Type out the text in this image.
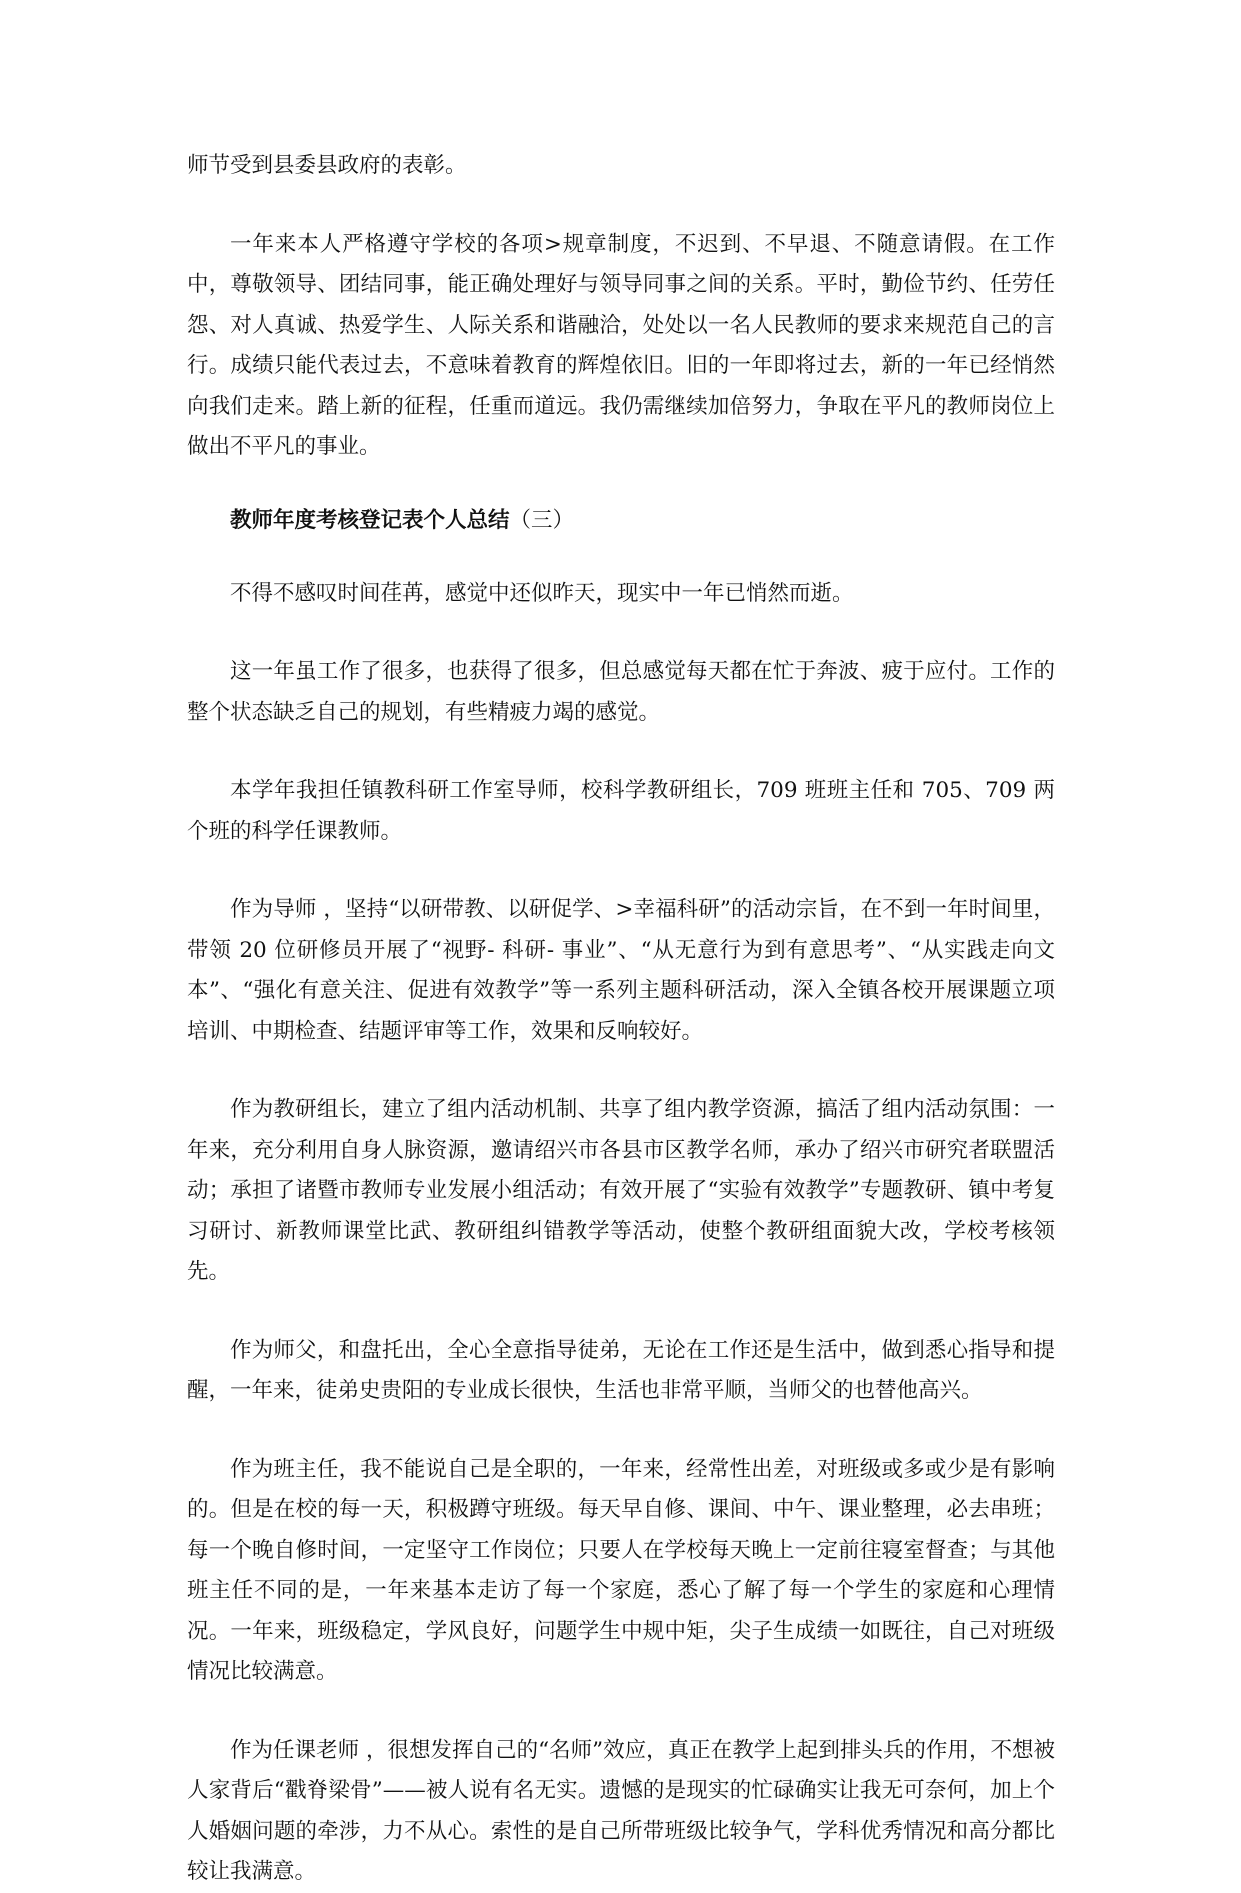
师节受到县委县政府的表彰。

一年来本人严格遵守学校的各项>规章制度，不迟到、不早退、不随意请假。在工作中，尊敬领导、团结同事，能正确处理好与领导同事之间的关系。平时，勤俭节约、任劳任怨、对人真诚、热爱学生、人际关系和谐融洽，处处以一名人民教师的要求来规范自己的言行。成绩只能代表过去，不意味着教育的辉煌依旧。旧的一年即将过去，新的一年已经悄然向我们走来。踏上新的征程，任重而道远。我仍需继续加倍努力，争取在平凡的教师岗位上做出不平凡的事业。

教师年度考核登记表个人总结（三）

不得不感叹时间荏苒，感觉中还似昨天，现实中一年已悄然而逝。

这一年虽工作了很多，也获得了很多，但总感觉每天都在忙于奔波、疲于应付。工作的整个状态缺乏自己的规划，有些精疲力竭的感觉。

本学年我担任镇教科研工作室导师，校科学教研组长，709 班班主任和 705、709 两个班的科学任课教师。

作为导师 ，坚持“以研带教、以研促学、>幸福科研”的活动宗旨，在不到一年时间里，带领 20 位研修员开展了“视野- 科研- 事业”、“从无意行为到有意思考”、“从实践走向文本”、“强化有意关注、促进有效教学”等一系列主题科研活动，深入全镇各校开展课题立项培训、中期检查、结题评审等工作，效果和反响较好。

作为教研组长，建立了组内活动机制、共享了组内教学资源，搞活了组内活动氛围：一年来，充分利用自身人脉资源，邀请绍兴市各县市区教学名师，承办了绍兴市研究者联盟活动；承担了诸暨市教师专业发展小组活动；有效开展了“实验有效教学”专题教研、镇中考复习研讨、新教师课堂比武、教研组纠错教学等活动，使整个教研组面貌大改，学校考核领先。

作为师父，和盘托出，全心全意指导徒弟，无论在工作还是生活中，做到悉心指导和提醒，一年来，徒弟史贵阳的专业成长很快，生活也非常平顺，当师父的也替他高兴。

作为班主任，我不能说自己是全职的，一年来，经常性出差，对班级或多或少是有影响的。但是在校的每一天，积极蹲守班级。每天早自修、课间、中午、课业整理，必去串班；每一个晚自修时间，一定坚守工作岗位；只要人在学校每天晚上一定前往寝室督查；与其他班主任不同的是，一年来基本走访了每一个家庭，悉心了解了每一个学生的家庭和心理情况。一年来，班级稳定，学风良好，问题学生中规中矩，尖子生成绩一如既往，自己对班级情况比较满意。

作为任课老师 ，很想发挥自己的“名师”效应，真正在教学上起到排头兵的作用，不想被人家背后“戳脊梁骨”——被人说有名无实。遗憾的是现实的忙碌确实让我无可奈何，加上个人婚姻问题的牵涉，力不从心。索性的是自己所带班级比较争气，学科优秀情况和高分都比较让我满意。
